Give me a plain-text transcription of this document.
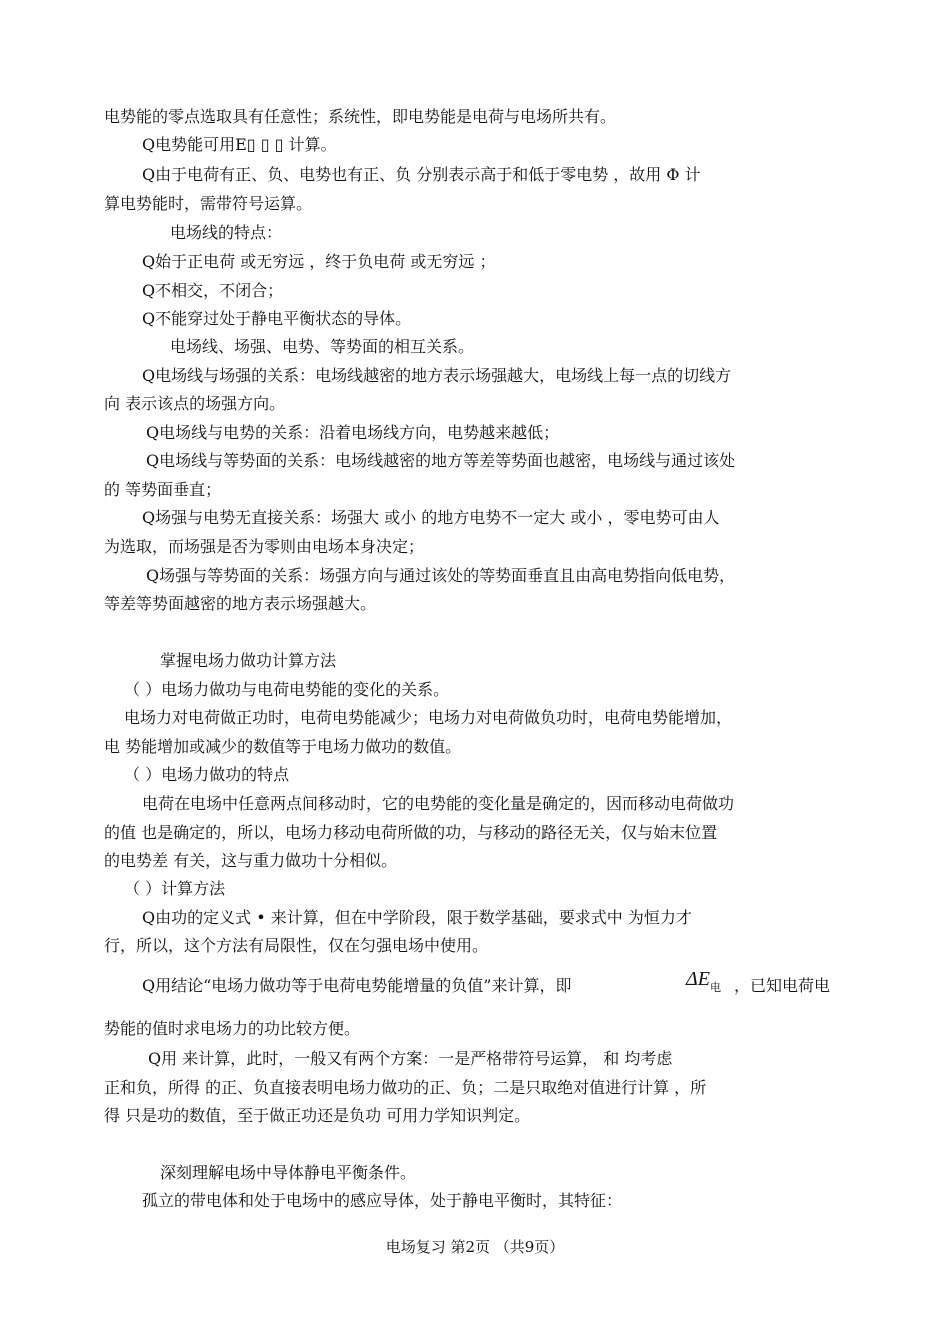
电势能的零点选取具有任意性；系统性，即电势能是电荷与电场所共有。
Q电势能可用E▯ ▯ ▯ 计算。
Q由于电荷有正、负、电势也有正、负 分别表示高于和低于零电势 ，故用 Φ 计
算电势能时，需带符号运算。
电场线的特点：
Q始于正电荷 或无穷远 ，终于负电荷 或无穷远 ；
Q不相交，不闭合；
Q不能穿过处于静电平衡状态的导体。
电场线、场强、电势、等势面的相互关系。
Q电场线与场强的关系：电场线越密的地方表示场强越大，电场线上每一点的切线方
向 表示该点的场强方向。
Q电场线与电势的关系：沿着电场线方向，电势越来越低；
Q电场线与等势面的关系：电场线越密的地方等差等势面也越密，电场线与通过该处
的 等势面垂直；
Q场强与电势无直接关系：场强大 或小 的地方电势不一定大 或小 ，零电势可由人
为选取，而场强是否为零则由电场本身决定；
Q场强与等势面的关系：场强方向与通过该处的等势面垂直且由高电势指向低电势，
等差等势面越密的地方表示场强越大。
掌握电场力做功计算方法
（ ）电场力做功与电荷电势能的变化的关系。
电场力对电荷做正功时，电荷电势能减少；电场力对电荷做负功时，电荷电势能增加，
电 势能增加或减少的数值等于电场力做功的数值。
（ ）电场力做功的特点
电荷在电场中任意两点间移动时，它的电势能的变化量是确定的，因而移动电荷做功
的值 也是确定的，所以，电场力移动电荷所做的功，与移动的路径无关，仅与始末位置
的电势差 有关，这与重力做功十分相似。
（ ）计算方法
Q由功的定义式 • 来计算，但在中学阶段，限于数学基础，要求式中 为恒力才
行，所以，这个方法有局限性，仅在匀强电场中使用。
Q用结论“电场力做功等于电荷电势能增量的负值”来计算，即	$\Delta E_电$ ，已知电荷电
势能的值时求电场力的功比较方便。
Q用 来计算，此时，一般又有两个方案：一是严格带符号运算， 和 均考虑
正和负，所得 的正、负直接表明电场力做功的正、负；二是只取绝对值进行计算 ，所
得 只是功的数值，至于做正功还是负功 可用力学知识判定。
深刻理解电场中导体静电平衡条件。
孤立的带电体和处于电场中的感应导体，处于静电平衡时，其特征：
电场复习 第2页 （共9页）
